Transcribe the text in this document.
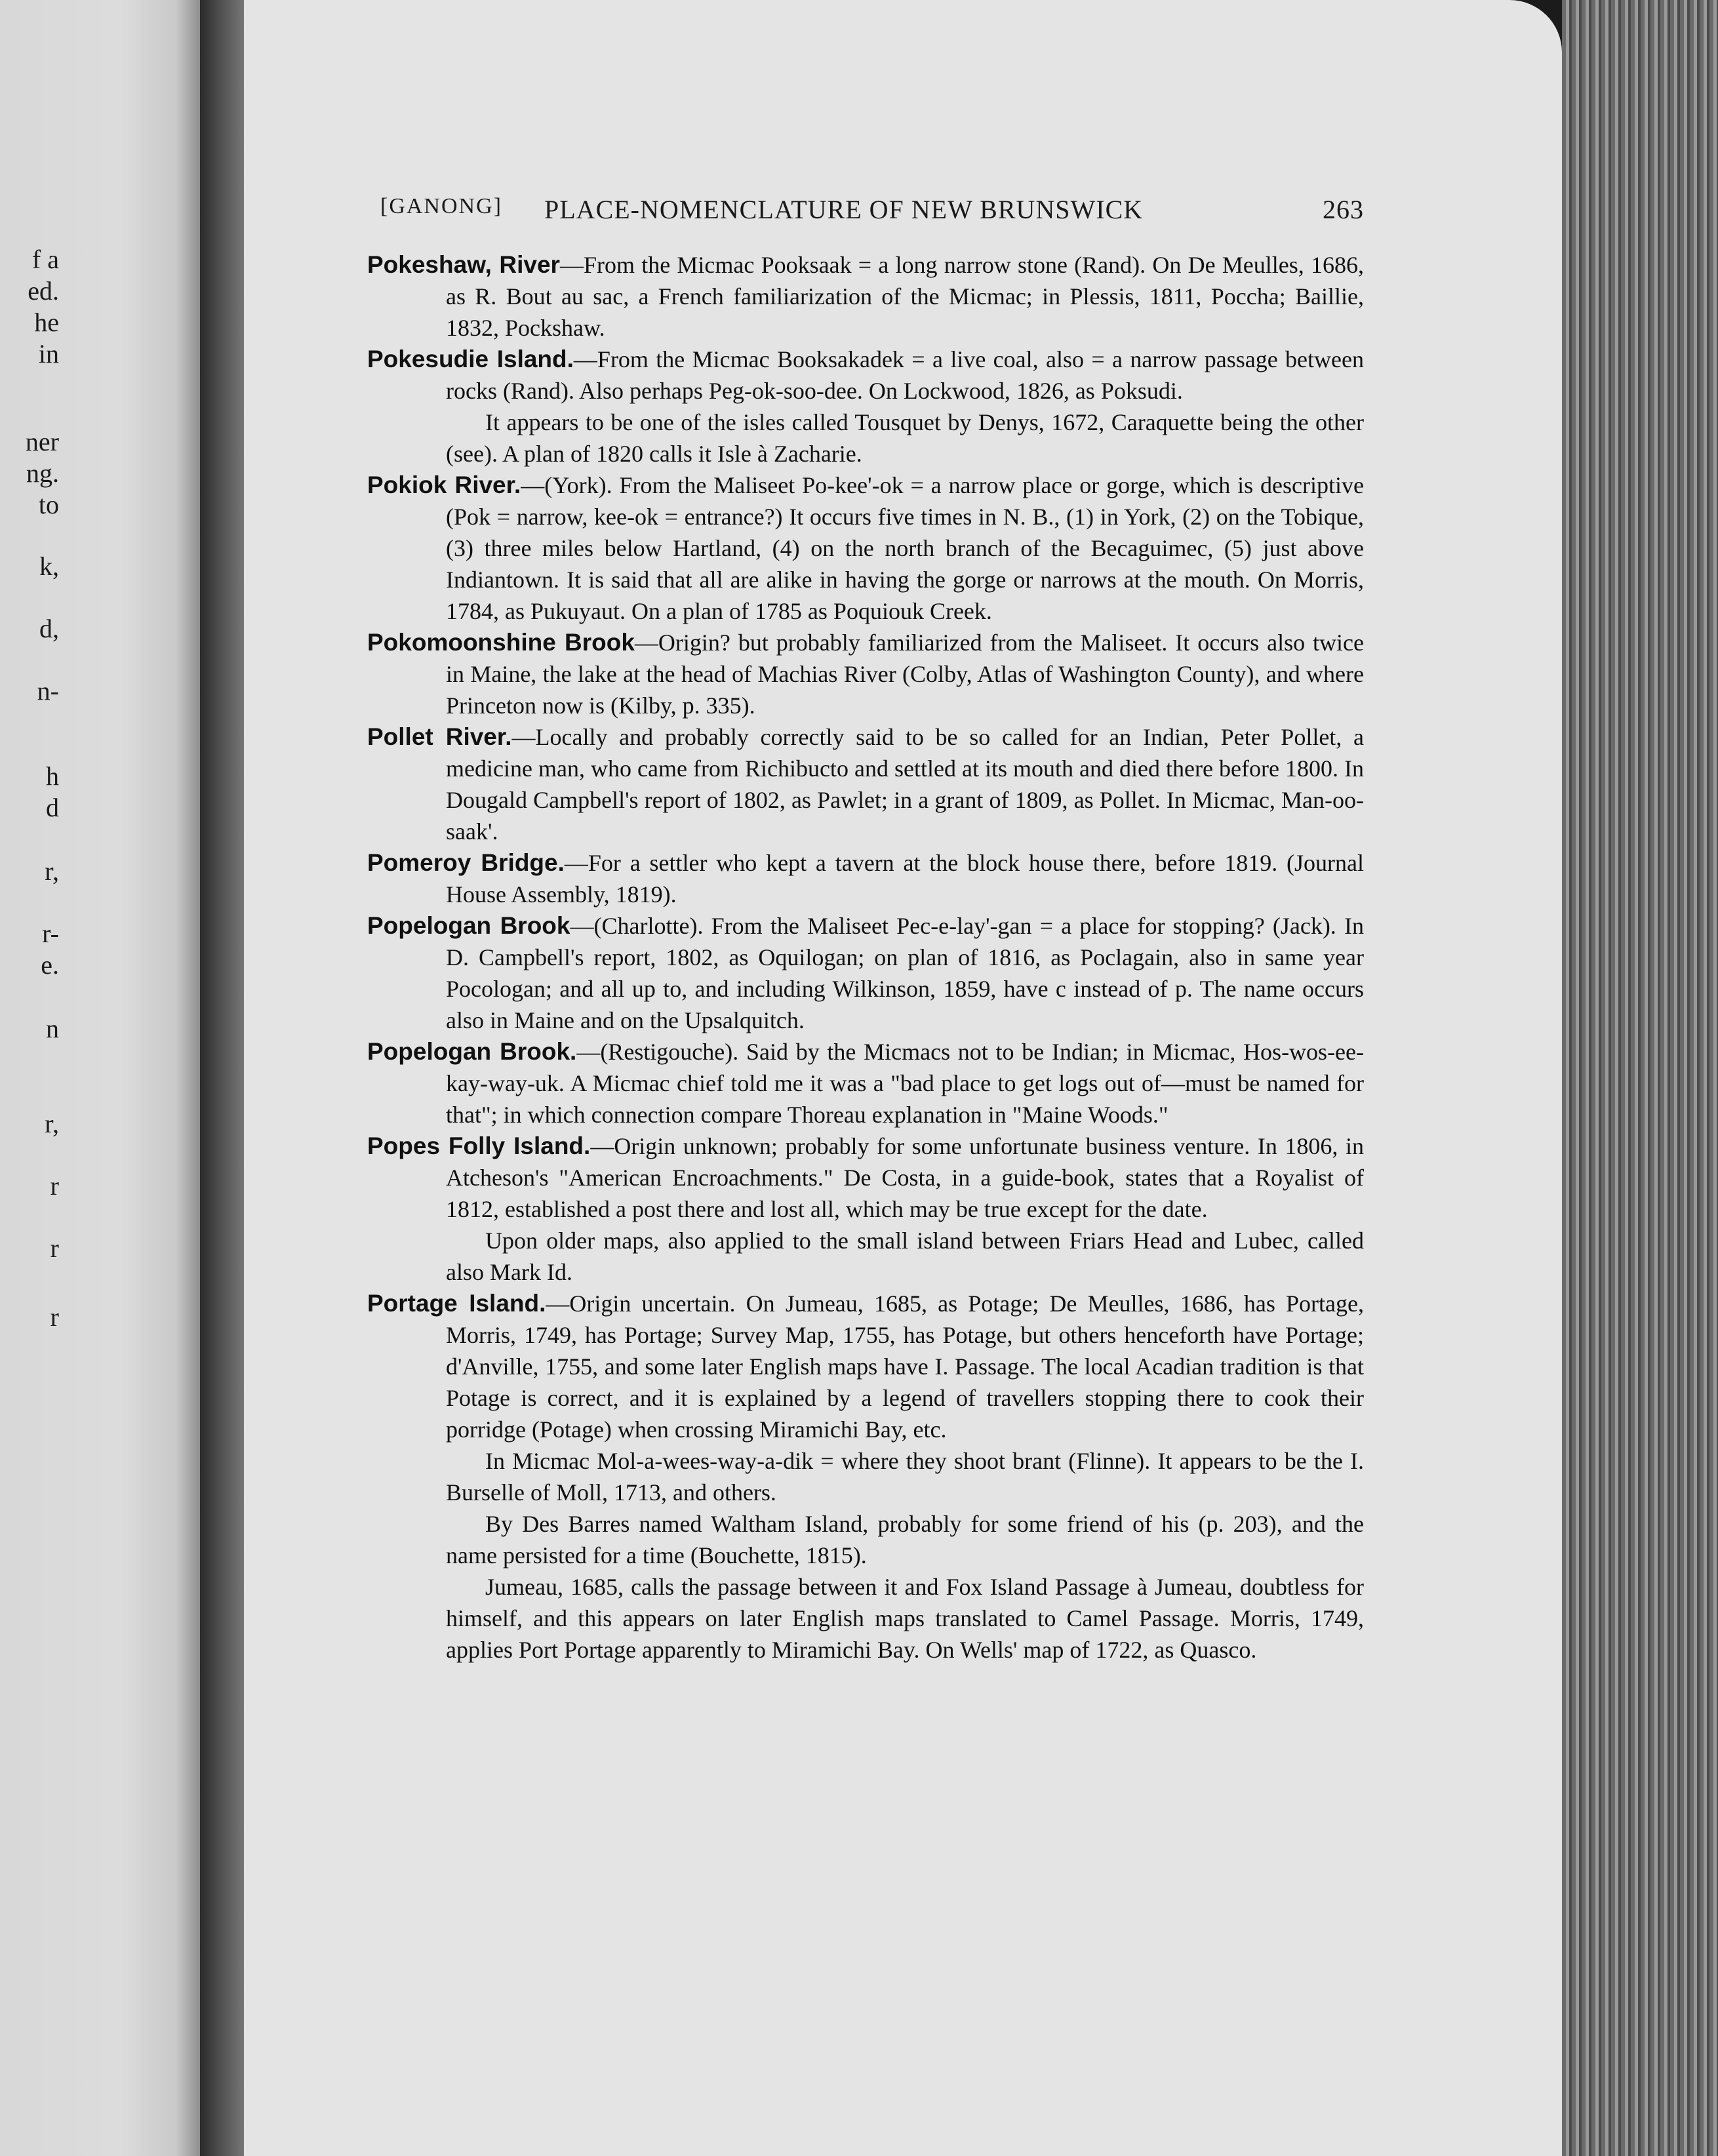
f a
ed.
he
in
ner
ng.
to
k,
d,
n-
h
d
r,
r-
e.
n
r,
r
r
r
[GANONG] PLACE-NOMENCLATURE OF NEW BRUNSWICK	263

Pokeshaw, River—From the Micmac Pooksaak = a long narrow stone (Rand). On De Meulles, 1686, as R. Bout au sac, a French familiarization of the Micmac; in Plessis, 1811, Poccha; Baillie, 1832, Pockshaw.

Pokesudie Island.—From the Micmac Booksakadek = a live coal, also = a narrow passage between rocks (Rand). Also perhaps Peg-ok-soo-dee. On Lockwood, 1826, as Poksudi.

It appears to be one of the isles called Tousquet by Denys, 1672, Caraquette being the other (see). A plan of 1820 calls it Isle à Zacharie.

Pokiok River.—(York). From the Maliseet Po-kee'-ok = a narrow place or gorge, which is descriptive (Pok = narrow, kee-ok = entrance?) It occurs five times in N. B., (1) in York, (2) on the Tobique, (3) three miles below Hartland, (4) on the north branch of the Becaguimec, (5) just above Indiantown. It is said that all are alike in having the gorge or narrows at the mouth. On Morris, 1784, as Pukuyaut. On a plan of 1785 as Poquiouk Creek.

Pokomoonshine Brook—Origin? but probably familiarized from the Maliseet. It occurs also twice in Maine, the lake at the head of Machias River (Colby, Atlas of Washington County), and where Princeton now is (Kilby, p. 335).

Pollet River.—Locally and probably correctly said to be so called for an Indian, Peter Pollet, a medicine man, who came from Richibucto and settled at its mouth and died there before 1800. In Dougald Campbell's report of 1802, as Pawlet; in a grant of 1809, as Pollet. In Micmac, Man-oo-saak'.

Pomeroy Bridge.—For a settler who kept a tavern at the block house there, before 1819. (Journal House Assembly, 1819).

Popelogan Brook—(Charlotte). From the Maliseet Pec-e-lay'-gan = a place for stopping? (Jack). In D. Campbell's report, 1802, as Oquilogan; on plan of 1816, as Poclagain, also in same year Pocologan; and all up to, and including Wilkinson, 1859, have c instead of p. The name occurs also in Maine and on the Upsalquitch.

Popelogan Brook.—(Restigouche). Said by the Micmacs not to be Indian; in Micmac, Hos-wos-ee-kay-way-uk. A Micmac chief told me it was a "bad place to get logs out of—must be named for that"; in which connection compare Thoreau explanation in "Maine Woods."

Popes Folly Island.—Origin unknown; probably for some unfortunate business venture. In 1806, in Atcheson's "American Encroachments." De Costa, in a guide-book, states that a Royalist of 1812, established a post there and lost all, which may be true except for the date.

Upon older maps, also applied to the small island between Friars Head and Lubec, called also Mark Id.

Portage Island.—Origin uncertain. On Jumeau, 1685, as Potage; De Meulles, 1686, has Portage, Morris, 1749, has Portage; Survey Map, 1755, has Potage, but others henceforth have Portage; d'Anville, 1755, and some later English maps have I. Passage. The local Acadian tradition is that Potage is correct, and it is explained by a legend of travellers stopping there to cook their porridge (Potage) when crossing Miramichi Bay, etc.

In Micmac Mol-a-wees-way-a-dik = where they shoot brant (Flinne). It appears to be the I. Burselle of Moll, 1713, and others.

By Des Barres named Waltham Island, probably for some friend of his (p. 203), and the name persisted for a time (Bouchette, 1815).

Jumeau, 1685, calls the passage between it and Fox Island Passage à Jumeau, doubtless for himself, and this appears on later English maps translated to Camel Passage. Morris, 1749, applies Port Portage apparently to Miramichi Bay. On Wells' map of 1722, as Quasco.
